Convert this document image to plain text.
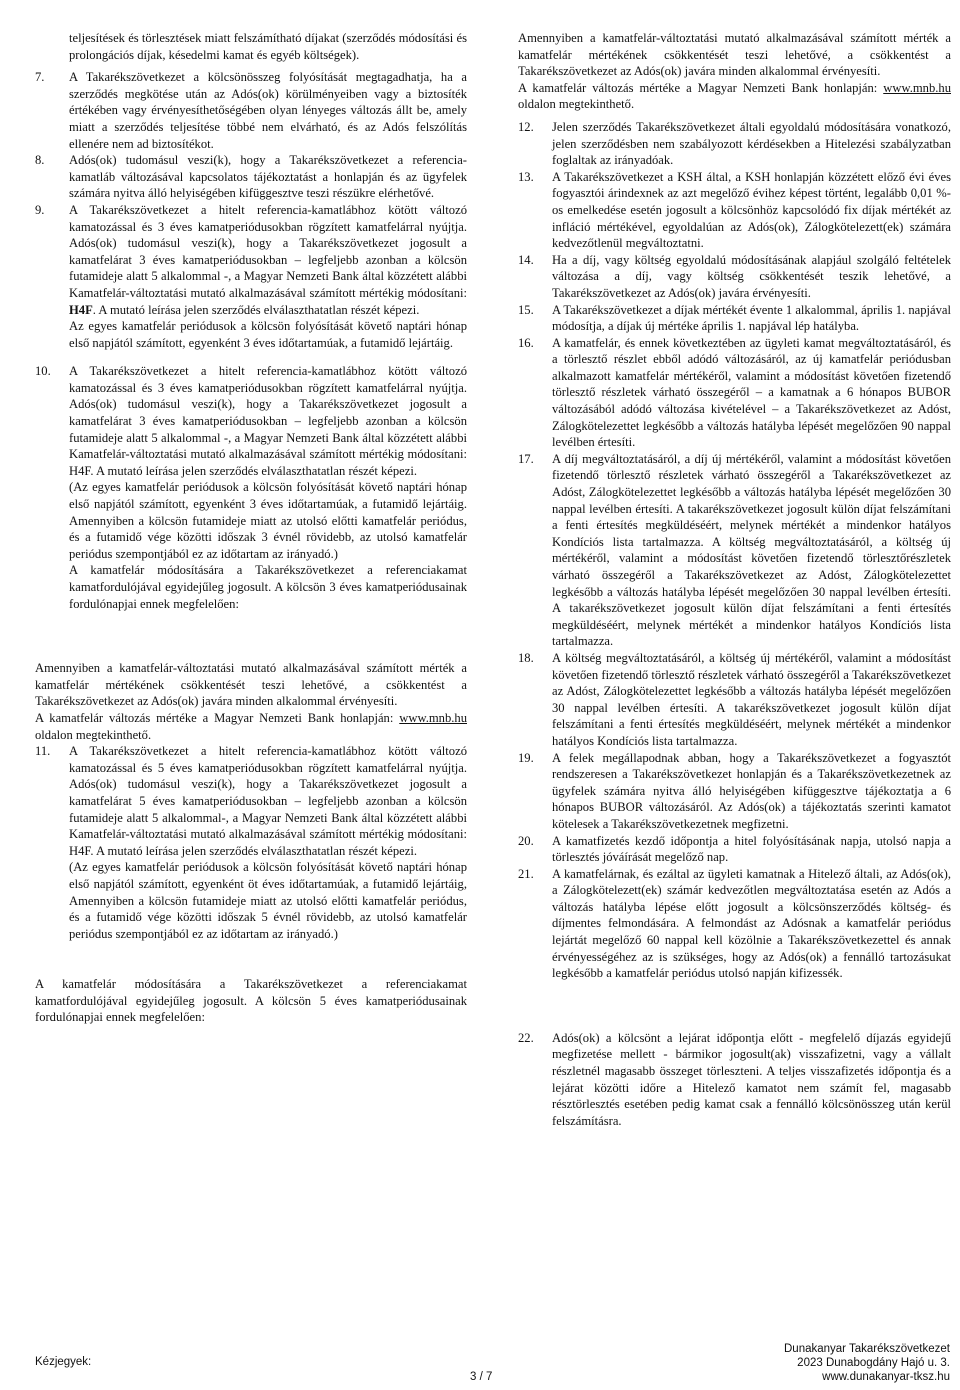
teljesítések és törlesztések miatt felszámítható díjakat (szerződés módosítási és prolongációs díjak, késedelmi kamat és egyéb költségek).

7.	A Takarékszövetkezet a kölcsönösszeg folyósítását megtagadhatja, ha a szerződés megkötése után az Adós(ok) körülményeiben vagy a biztosíték értékében vagy érvényesíthetőségében olyan lényeges változás állt be, amely miatt a szerződés teljesítése többé nem elvárható, és az Adós felszólítás ellenére nem ad biztosítékot.
8.	Adós(ok) tudomásul veszi(k), hogy a Takarékszövetkezet a referencia-kamatláb változásával kapcsolatos tájékoztatást a honlapján és az ügyfelek számára nyitva álló helyiségében kifüggesztve teszi részükre elérhetővé.
9.	A Takarékszövetkezet a hitelt referencia-kamatlábhoz kötött változó kamatozással és 3 éves kamatperiódusokban rögzített kamatfelárral nyújtja. Adós(ok) tudomásul veszi(k), hogy a Takarékszövetkezet jogosult a kamatfelárat 3 éves kamatperiódusokban – legfeljebb azonban a kölcsön futamideje alatt 5 alkalommal -, a Magyar Nemzeti Bank által közzétett alábbi Kamatfelár-változtatási mutató alkalmazásával számított mértékig módosítani: H4F. A mutató leírása jelen szerződés elválaszthatatlan részét képezi.

Az egyes kamatfelár periódusok a kölcsön folyósítását követő naptári hónap első napjától számított, egyenként 3 éves időtartamúak, a futamidő lejártáig.

10.	A Takarékszövetkezet a hitelt referencia-kamatlábhoz kötött változó kamatozással és 3 éves kamatperiódusokban rögzített kamatfelárral nyújtja. Adós(ok) tudomásul veszi(k), hogy a Takarékszövetkezet jogosult a kamatfelárat 3 éves kamatperiódusokban – legfeljebb azonban a kölcsön futamideje alatt 5 alkalommal -, a Magyar Nemzeti Bank által közzétett alábbi Kamatfelár-változtatási mutató alkalmazásával számított mértékig módosítani: H4F. A mutató leírása jelen szerződés elválaszthatatlan részét képezi.

(Az egyes kamatfelár periódusok a kölcsön folyósítását követő naptári hónap első napjától számított, egyenként 3 éves időtartamúak, a futamidő lejártáig. Amennyiben a kölcsön futamideje miatt az utolsó előtti kamatfelár periódus, és a futamidő vége közötti időszak 3 évnél rövidebb, az utolsó kamatfelár periódus szempontjából ez az időtartam az irányadó.)

A kamatfelár módosítására a Takarékszövetkezet a referenciakamat kamatfordulójával egyidejűleg jogosult. A kölcsön 3 éves kamatperiódusainak fordulónapjai ennek megfelelően:

Amennyiben a kamatfelár-változtatási mutató alkalmazásával számított mérték a kamatfelár mértékének csökkentését teszi lehetővé, a csökkentést a Takarékszövetkezet az Adós(ok) javára minden alkalommal érvényesíti.

A kamatfelár változás mértéke a Magyar Nemzeti Bank honlapján: www.mnb.hu oldalon megtekinthető.

11.	A Takarékszövetkezet a hitelt referencia-kamatlábhoz kötött változó kamatozással és 5 éves kamatperiódusokban rögzített kamatfelárral nyújtja. Adós(ok) tudomásul veszi(k), hogy a Takarékszövetkezet jogosult a kamatfelárat 5 éves kamatperiódusokban – legfeljebb azonban a kölcsön futamideje alatt 5 alkalommal-, a Magyar Nemzeti Bank által közzétett alábbi Kamatfelár-változtatási mutató alkalmazásával számított mértékig módosítani: H4F. A mutató leírása jelen szerződés elválaszthatatlan részét képezi.

(Az egyes kamatfelár periódusok a kölcsön folyósítását követő naptári hónap első napjától számított, egyenként öt éves időtartamúak, a futamidő lejártáig, Amennyiben a kölcsön futamideje miatt az utolsó előtti kamatfelár periódus, és a futamidő vége közötti időszak 5 évnél rövidebb, az utolsó kamatfelár periódus szempontjából ez az időtartam az irányadó.)

A kamatfelár módosítására a Takarékszövetkezet a referenciakamat kamatfordulójával egyidejűleg jogosult. A kölcsön 5 éves kamatperiódusainak fordulónapjai ennek megfelelően:

Amennyiben a kamatfelár-változtatási mutató alkalmazásával számított mérték a kamatfelár mértékének csökkentését teszi lehetővé, a csökkentést a Takarékszövetkezet az Adós(ok) javára minden alkalommal érvényesíti.

A kamatfelár változás mértéke a Magyar Nemzeti Bank honlapján: www.mnb.hu oldalon megtekinthető.

12.	Jelen szerződés Takarékszövetkezet általi egyoldalú módosítására vonatkozó, jelen szerződésben nem szabályozott kérdésekben a Hitelezési szabályzatban foglaltak az irányadóak.
13.	A Takarékszövetkezet a KSH által, a KSH honlapján közzétett előző évi éves fogyasztói árindexnek az azt megelőző évihez képest történt, legalább 0,01 %-os emelkedése esetén jogosult a kölcsönhöz kapcsolódó fix díjak mértékét az infláció mértékével, egyoldalúan az Adós(ok), Zálogkötelezett(ek) számára kedvezőtlenül megváltoztatni.
14.	Ha a díj, vagy költség egyoldalú módosításának alapjául szolgáló feltételek változása a díj, vagy költség csökkentését teszik lehetővé, a Takarékszövetkezet az Adós(ok) javára érvényesíti.
15.	A Takarékszövetkezet a díjak mértékét évente 1 alkalommal, április 1. napjával módosítja, a díjak új mértéke április 1. napjával lép hatályba.
16.	A kamatfelár, és ennek következtében az ügyleti kamat megváltoztatásáról, és a törlesztő részlet ebből adódó változásáról, az új kamatfelár periódusban alkalmazott kamatfelár mértékéről, valamint a módosítást követően fizetendő törlesztő részletek várható összegéről – a kamatnak a 6 hónapos BUBOR változásából adódó változása kivételével – a Takarékszövetkezet az Adóst, Zálogkötelezettet legkésőbb a változás hatályba lépését megelőzően 90 nappal levélben értesíti.
17.	A díj megváltoztatásáról, a díj új mértékéről, valamint a módosítást követően fizetendő törlesztő részletek várható összegéről a Takarékszövetkezet az Adóst, Zálogkötelezettet legkésőbb a változás hatályba lépését megelőzően 30 nappal levélben értesíti. A takarékszövetkezet jogosult külön díjat felszámítani a fenti értesítés megküldéséért, melynek mértékét a mindenkor hatályos Kondíciós lista tartalmazza. A költség megváltoztatásáról, a költség új mértékéről, valamint a módosítást követően fizetendő törlesztőrészletek várható összegéről a Takarékszövetkezet az Adóst, Zálogkötelezettet legkésőbb a változás hatályba lépését megelőzően 30 nappal levélben értesíti. A takarékszövetkezet jogosult külön díjat felszámítani a fenti értesítés megküldéséért, melynek mértékét a mindenkor hatályos Kondíciós lista tartalmazza.
18.	A költség megváltoztatásáról, a költség új mértékéről, valamint a módosítást követően fizetendő törlesztő részletek várható összegéről a Takarékszövetkezet az Adóst, Zálogkötelezettet legkésőbb a változás hatályba lépését megelőzően 30 nappal levélben értesíti. A takarékszövetkezet jogosult külön díjat felszámítani a fenti értesítés megküldéséért, melynek mértékét a mindenkor hatályos Kondíciós lista tartalmazza.
19.	A felek megállapodnak abban, hogy a Takarékszövetkezet a fogyasztót rendszeresen a Takarékszövetkezet honlapján és a Takarékszövetkezetnek az ügyfelek számára nyitva álló helyiségében kifüggesztve tájékoztatja a 6 hónapos BUBOR változásáról. Az Adós(ok) a tájékoztatás szerinti kamatot kötelesek a Takarékszövetkezetnek megfizetni.
20.	A kamatfizetés kezdő időpontja a hitel folyósításának napja, utolsó napja a törlesztés jóváírását megelőző nap.
21.	A kamatfelárnak, és ezáltal az ügyleti kamatnak a Hitelező általi, az Adós(ok), a Zálogkötelezett(ek) számár kedvezőtlen megváltoztatása esetén az Adós a változás hatályba lépése előtt jogosult a kölcsönszerződés költség- és díjmentes felmondására. A felmondást az Adósnak a kamatfelár periódus lejártát megelőző 60 nappal kell közölnie a Takarékszövetkezettel és annak érvényességéhez az is szükséges, hogy az Adós(ok) a fennálló tartozásukat legkésőbb a kamatfelár periódus utolsó napján kifizessék.
22.	Adós(ok) a kölcsönt a lejárat időpontja előtt - megfelelő díjazás egyidejű megfizetése mellett - bármikor jogosult(ak) visszafizetni, vagy a vállalt részletnél magasabb összeget törleszteni. A teljes visszafizetés időpontja és a lejárat közötti időre a Hitelező kamatot nem számít fel, magasabb résztörlesztés esetében pedig kamat csak a fennálló kölcsönösszeg után kerül felszámításra.
Kézjegyek:
3 / 7
Dunakanyar Takarékszövetkezet
2023 Dunabogdány Hajó u. 3.
www.dunakanyar-tksz.hu
